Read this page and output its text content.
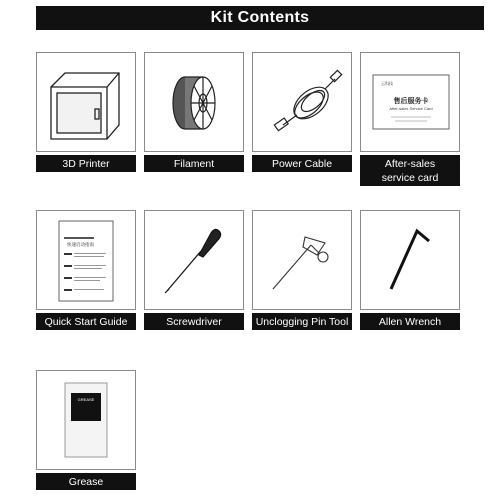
Kit Contents
3D Printer	Filament	Power Cable
云科技
售后服务卡
After-sales Service Card
After-sales
service card
快速启动指南
Quick Start Guide	Screwdriver	Unclogging Pin Tool	Allen Wrench
GREASE
Grease
